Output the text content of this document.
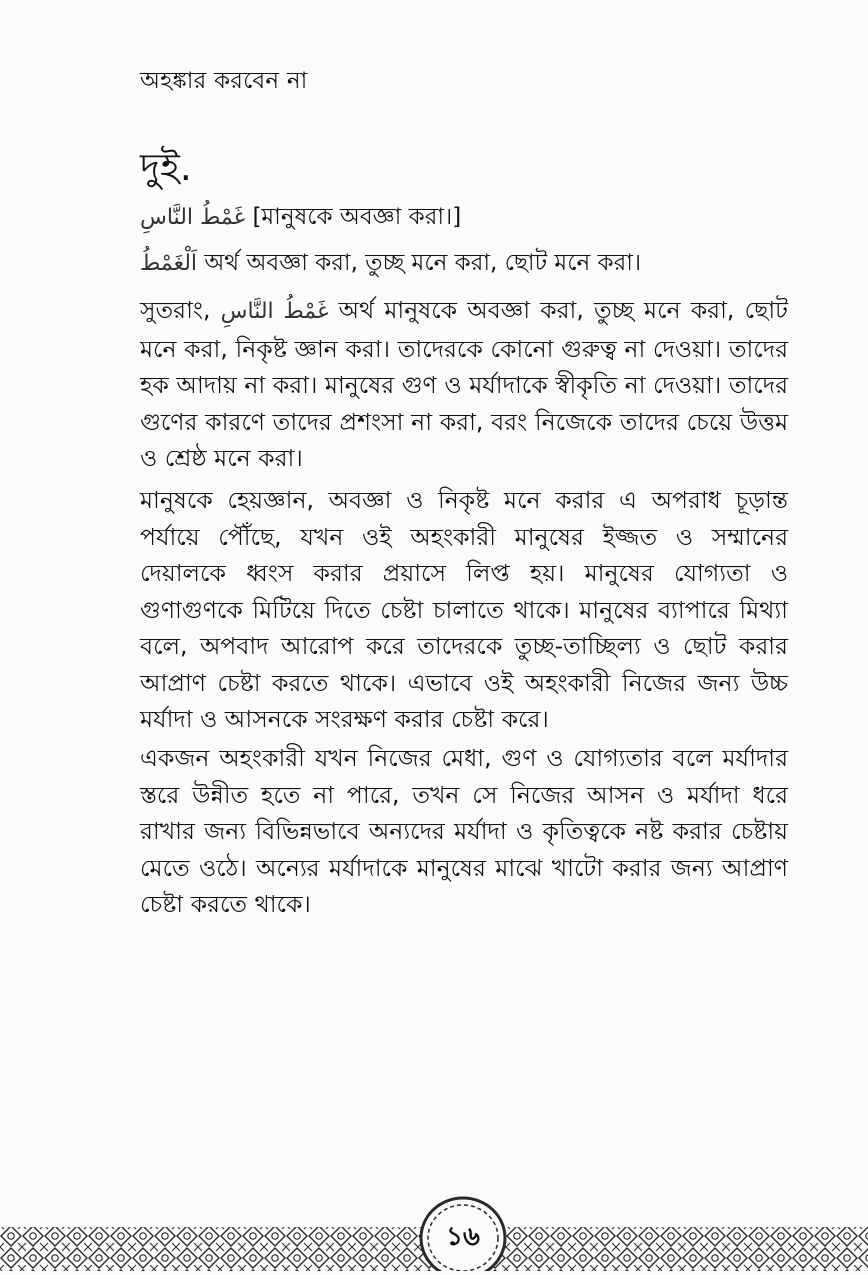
অহঙ্কার করবেন না
দুই.
غَمْطُ النَّاسِ [মানুষকে অবজ্ঞা করা।]
اَلْغَمْطُ অর্থ অবজ্ঞা করা, তুচ্ছ মনে করা, ছোট মনে করা।
সুতরাং, غَمْطُ النَّاسِ অর্থ মানুষকে অবজ্ঞা করা, তুচ্ছ মনে করা, ছোট মনে করা, নিকৃষ্ট জ্ঞান করা। তাদেরকে কোনো গুরুত্ব না দেওয়া। তাদের হক আদায় না করা। মানুষের গুণ ও মর্যাদাকে স্বীকৃতি না দেওয়া। তাদের গুণের কারণে তাদের প্রশংসা না করা, বরং নিজেকে তাদের চেয়ে উত্তম ও শ্রেষ্ঠ মনে করা।
মানুষকে হেয়জ্ঞান, অবজ্ঞা ও নিকৃষ্ট মনে করার এ অপরাধ চূড়ান্ত পর্যায়ে পৌঁছে, যখন ওই অহংকারী মানুষের ইজ্জত ও সম্মানের দেয়ালকে ধ্বংস করার প্রয়াসে লিপ্ত হয়। মানুষের যোগ্যতা ও গুণাগুণকে মিটিয়ে দিতে চেষ্টা চালাতে থাকে। মানুষের ব্যাপারে মিথ্যা বলে, অপবাদ আরোপ করে তাদেরকে তুচ্ছ-তাচ্ছিল্য ও ছোট করার আপ্রাণ চেষ্টা করতে থাকে। এভাবে ওই অহংকারী নিজের জন্য উচ্চ মর্যাদা ও আসনকে সংরক্ষণ করার চেষ্টা করে।
একজন অহংকারী যখন নিজের মেধা, গুণ ও যোগ্যতার বলে মর্যাদার স্তরে উন্নীত হতে না পারে, তখন সে নিজের আসন ও মর্যাদা ধরে রাখার জন্য বিভিন্নভাবে অন্যদের মর্যাদা ও কৃতিত্বকে নষ্ট করার চেষ্টায় মেতে ওঠে। অন্যের মর্যাদাকে মানুষের মাঝে খাটো করার জন্য আপ্রাণ চেষ্টা করতে থাকে।
১৬
